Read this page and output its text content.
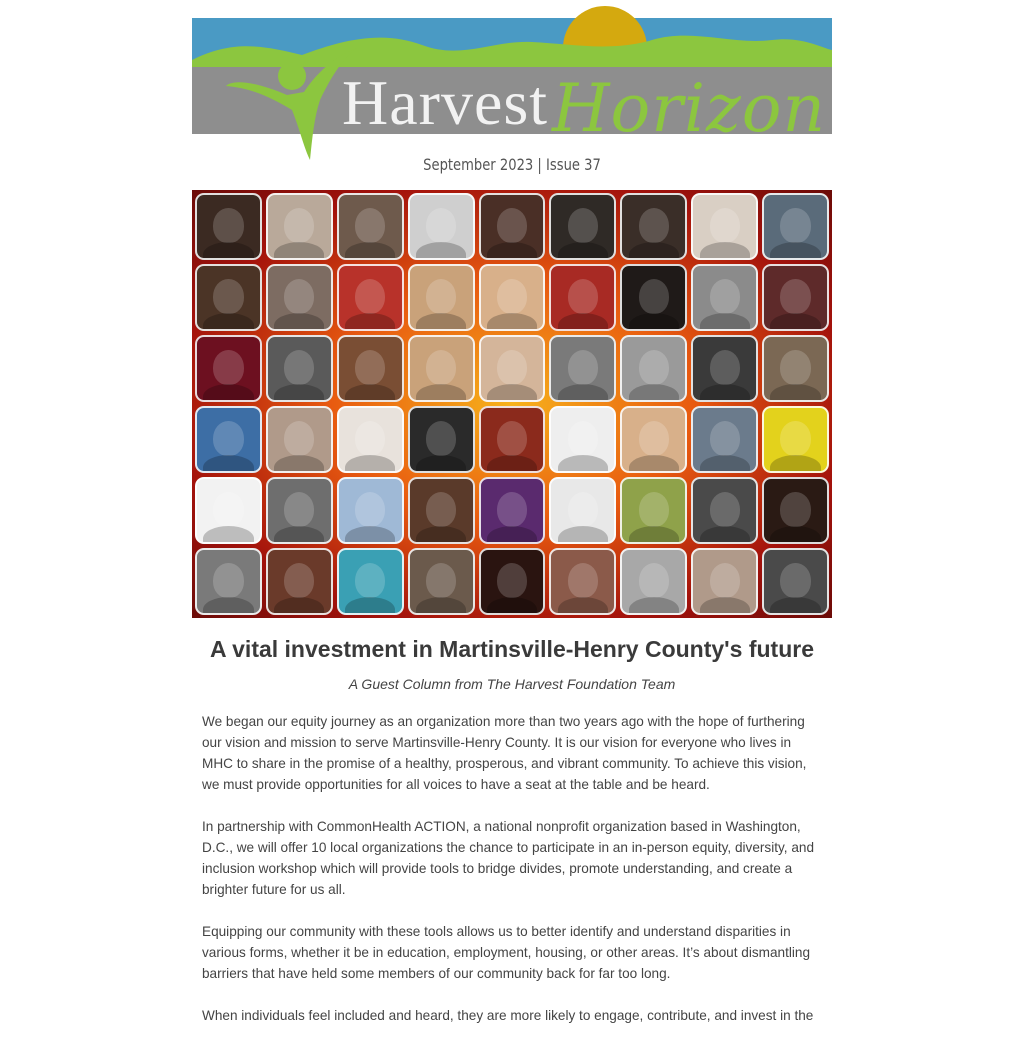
Harvest Horizon
September 2023 | Issue 37
A vital investment in Martinsville-Henry County's future

A Guest Column from The Harvest Foundation Team

We began our equity journey as an organization more than two years ago with the hope of furthering our vision and mission to serve Martinsville-Henry County. It is our vision for everyone who lives in MHC to share in the promise of a healthy, prosperous, and vibrant community. To achieve this vision, we must provide opportunities for all voices to have a seat at the table and be heard.

In partnership with CommonHealth ACTION, a national nonprofit organization based in Washington, D.C., we will offer 10 local organizations the chance to participate in an in-person equity, diversity, and inclusion workshop which will provide tools to bridge divides, promote understanding, and create a brighter future for us all.

Equipping our community with these tools allows us to better identify and understand disparities in various forms, whether it be in education, employment, housing, or other areas. It’s about dismantling barriers that have held some members of our community back for far too long.

When individuals feel included and heard, they are more likely to engage, contribute, and invest in the
